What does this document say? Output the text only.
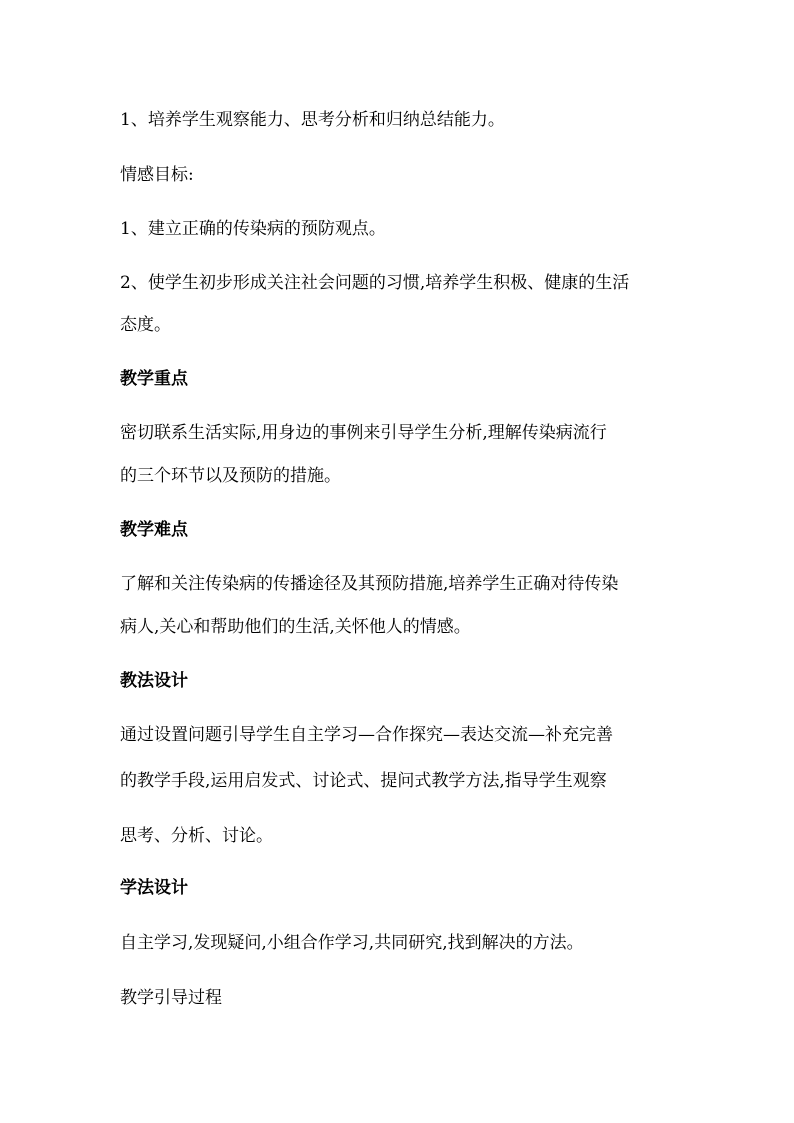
1、培养学生观察能力、思考分析和归纳总结能力。
情感目标:
1、建立正确的传染病的预防观点。
2、使学生初步形成关注社会问题的习惯,培养学生积极、健康的生活
态度。
教学重点
密切联系生活实际,用身边的事例来引导学生分析,理解传染病流行
的三个环节以及预防的措施。
教学难点
了解和关注传染病的传播途径及其预防措施,培养学生正确对待传染
病人,关心和帮助他们的生活,关怀他人的情感。
教法设计
通过设置问题引导学生自主学习—合作探究—表达交流—补充完善
的教学手段,运用启发式、讨论式、提问式教学方法,指导学生观察
思考、分析、讨论。
学法设计
自主学习,发现疑问,小组合作学习,共同研究,找到解决的方法。
教学引导过程
